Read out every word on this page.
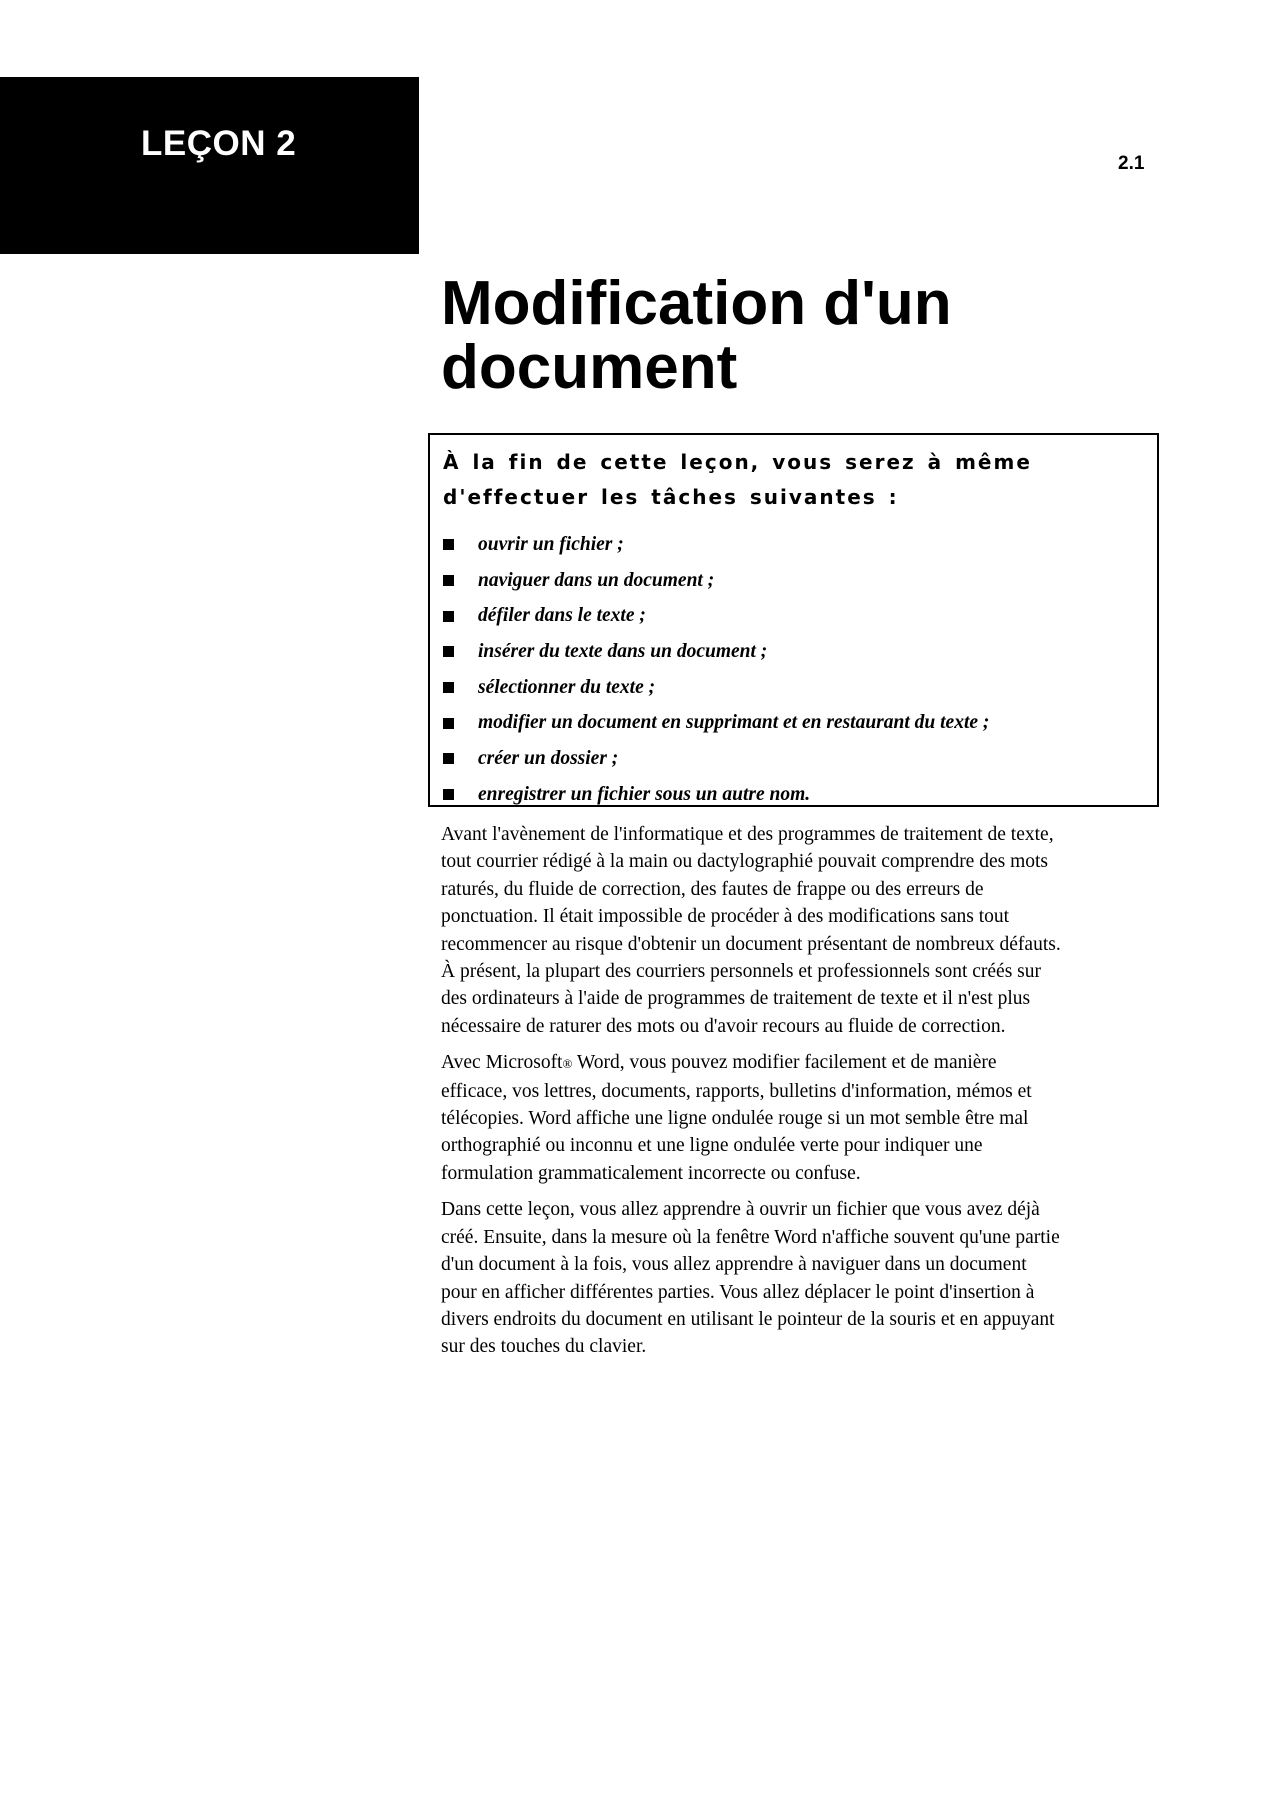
LEÇON 2
2.1
Modification d'un
document

À la fin de cette leçon, vous serez à même
d'effectuer les tâches suivantes :

ouvrir un fichier ;
naviguer dans un document ;
défiler dans le texte ;
insérer du texte dans un document ;
sélectionner du texte ;
modifier un document en supprimant et en restaurant du texte ;
créer un dossier ;
enregistrer un fichier sous un autre nom.

Avant l'avènement de l'informatique et des programmes de traitement de texte,
tout courrier rédigé à la main ou dactylographié pouvait comprendre des mots
raturés, du fluide de correction, des fautes de frappe ou des erreurs de
ponctuation. Il était impossible de procéder à des modifications sans tout
recommencer au risque d'obtenir un document présentant de nombreux défauts.
À présent, la plupart des courriers personnels et professionnels sont créés sur
des ordinateurs à l'aide de programmes de traitement de texte et il n'est plus
nécessaire de raturer des mots ou d'avoir recours au fluide de correction.

Avec Microsoft® Word, vous pouvez modifier facilement et de manière
efficace, vos lettres, documents, rapports, bulletins d'information, mémos et
télécopies. Word affiche une ligne ondulée rouge si un mot semble être mal
orthographié ou inconnu et une ligne ondulée verte pour indiquer une
formulation grammaticalement incorrecte ou confuse.

Dans cette leçon, vous allez apprendre à ouvrir un fichier que vous avez déjà
créé. Ensuite, dans la mesure où la fenêtre Word n'affiche souvent qu'une partie
d'un document à la fois, vous allez apprendre à naviguer dans un document
pour en afficher différentes parties. Vous allez déplacer le point d'insertion à
divers endroits du document en utilisant le pointeur de la souris et en appuyant
sur des touches du clavier.
